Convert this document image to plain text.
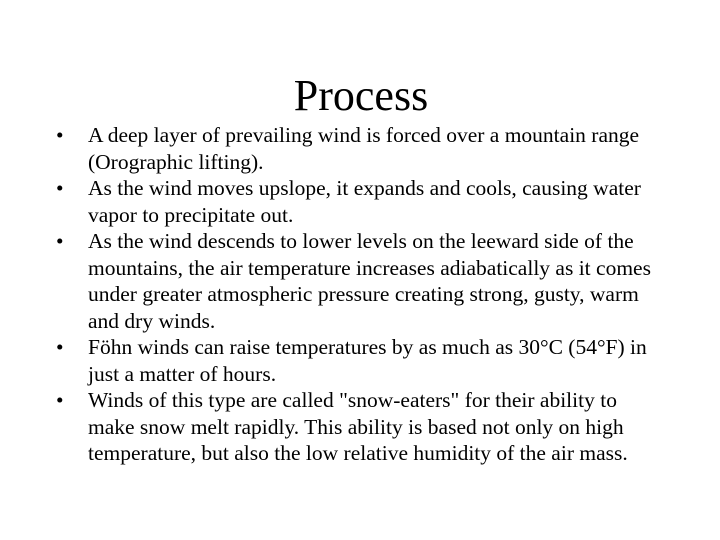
Process
• A deep layer of prevailing wind is forced over a mountain range (Orographic lifting).
• As the wind moves upslope, it expands and cools, causing water vapor to precipitate out.
• As the wind descends to lower levels on the leeward side of the mountains, the air temperature increases adiabatically as it comes under greater atmospheric pressure creating strong, gusty, warm and dry winds.
• Föhn winds can raise temperatures by as much as 30°C (54°F) in just a matter of hours.
• Winds of this type are called "snow-eaters" for their ability to make snow melt rapidly. This ability is based not only on high temperature, but also the low relative humidity of the air mass.
